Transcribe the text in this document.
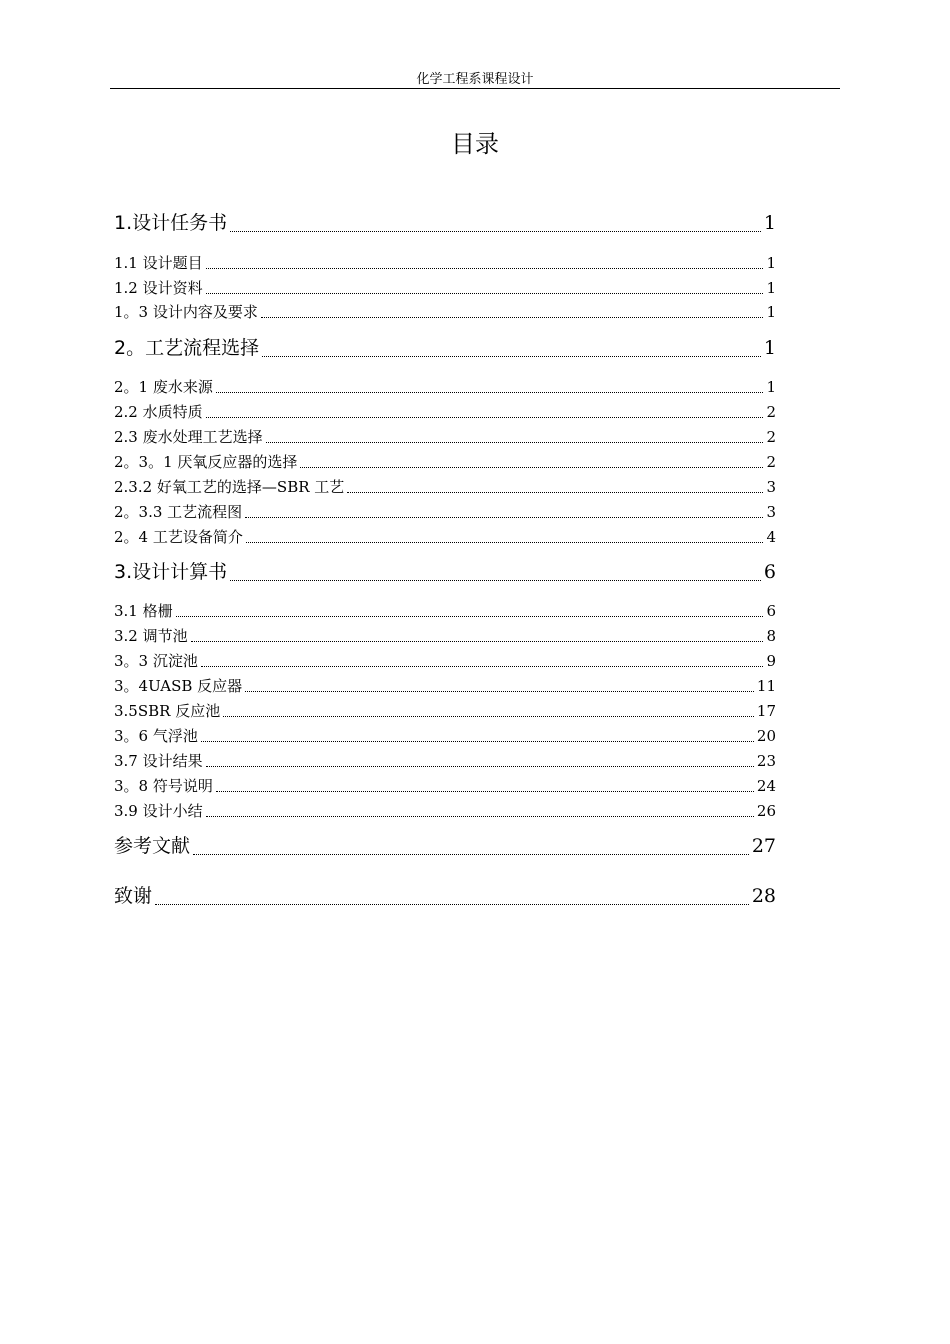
化学工程系课程设计
目录
1.设计任务书	1
1.1 设计题目	1
1.2 设计资料	1
1。3 设计内容及要求	1
2。工艺流程选择	1
2。1 废水来源	1
2.2 水质特质	2
2.3 废水处理工艺选择	2
2。3。1 厌氧反应器的选择	2
2.3.2 好氧工艺的选择—SBR 工艺	3
2。3.3 工艺流程图	3
2。4 工艺设备简介	4
3.设计计算书	6
3.1 格栅	6
3.2 调节池	8
3。3 沉淀池	9
3。4UASB 反应器	11
3.5SBR 反应池	17
3。6 气浮池	20
3.7 设计结果	23
3。8 符号说明	24
3.9 设计小结	26
参考文献	27
致谢	28
